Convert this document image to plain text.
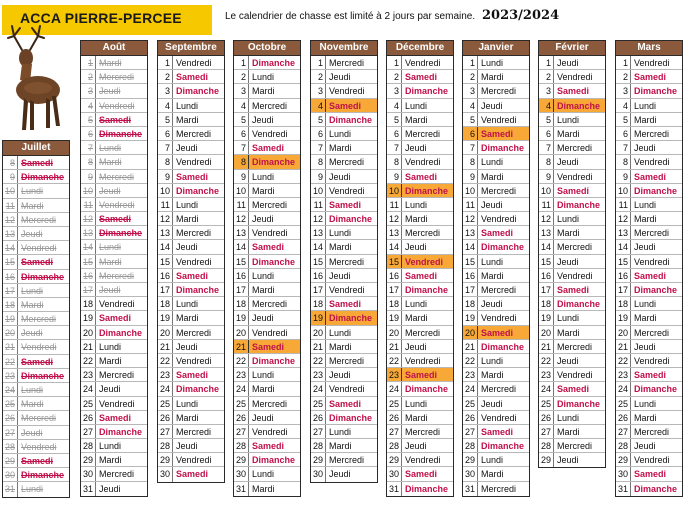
ACCA PIERRE-PERCEE	Le calendrier de chasse est limité à 2 jours par semaine. 2023/2024
Juillet
8 Samedi
9 Dimanche
10 Lundi
11 Mardi
12 Mercredi
13 Jeudi
14 Vendredi
15 Samedi
16 Dimanche
17 Lundi
18 Mardi
19 Mercredi
20 Jeudi
21 Vendredi
22 Samedi
23 Dimanche
24 Lundi
25 Mardi
26 Mercredi
27 Jeudi
28 Vendredi
29 Samedi
30 Dimanche
31 Lundi
Août
1 Mardi
2 Mercredi
3 Jeudi
4 Vendredi
5 Samedi
6 Dimanche
7 Lundi
8 Mardi
9 Mercredi
10 Jeudi
11 Vendredi
12 Samedi
13 Dimanche
14 Lundi
15 Mardi
16 Mercredi
17 Jeudi
18 Vendredi
19 Samedi
20 Dimanche
21 Lundi
22 Mardi
23 Mercredi
24 Jeudi
25 Vendredi
26 Samedi
27 Dimanche
28 Lundi
29 Mardi
30 Mercredi
31 Jeudi
Septembre
1 Vendredi
2 Samedi
3 Dimanche
4 Lundi
5 Mardi
6 Mercredi
7 Jeudi
8 Vendredi
9 Samedi
10 Dimanche
11 Lundi
12 Mardi
13 Mercredi
14 Jeudi
15 Vendredi
16 Samedi
17 Dimanche
18 Lundi
19 Mardi
20 Mercredi
21 Jeudi
22 Vendredi
23 Samedi
24 Dimanche
25 Lundi
26 Mardi
27 Mercredi
28 Jeudi
29 Vendredi
30 Samedi
Octobre
1 Dimanche
2 Lundi
3 Mardi
4 Mercredi
5 Jeudi
6 Vendredi
7 Samedi
8 Dimanche
9 Lundi
10 Mardi
11 Mercredi
12 Jeudi
13 Vendredi
14 Samedi
15 Dimanche
16 Lundi
17 Mardi
18 Mercredi
19 Jeudi
20 Vendredi
21 Samedi
22 Dimanche
23 Lundi
24 Mardi
25 Mercredi
26 Jeudi
27 Vendredi
28 Samedi
29 Dimanche
30 Lundi
31 Mardi
Novembre
1 Mercredi
2 Jeudi
3 Vendredi
4 Samedi
5 Dimanche
6 Lundi
7 Mardi
8 Mercredi
9 Jeudi
10 Vendredi
11 Samedi
12 Dimanche
13 Lundi
14 Mardi
15 Mercredi
16 Jeudi
17 Vendredi
18 Samedi
19 Dimanche
20 Lundi
21 Mardi
22 Mercredi
23 Jeudi
24 Vendredi
25 Samedi
26 Dimanche
27 Lundi
28 Mardi
29 Mercredi
30 Jeudi
Décembre
1 Vendredi
2 Samedi
3 Dimanche
4 Lundi
5 Mardi
6 Mercredi
7 Jeudi
8 Vendredi
9 Samedi
10 Dimanche
11 Lundi
12 Mardi
13 Mercredi
14 Jeudi
15 Vendredi
16 Samedi
17 Dimanche
18 Lundi
19 Mardi
20 Mercredi
21 Jeudi
22 Vendredi
23 Samedi
24 Dimanche
25 Lundi
26 Mardi
27 Mercredi
28 Jeudi
29 Vendredi
30 Samedi
31 Dimanche
Janvier
1 Lundi
2 Mardi
3 Mercredi
4 Jeudi
5 Vendredi
6 Samedi
7 Dimanche
8 Lundi
9 Mardi
10 Mercredi
11 Jeudi
12 Vendredi
13 Samedi
14 Dimanche
15 Lundi
16 Mardi
17 Mercredi
18 Jeudi
19 Vendredi
20 Samedi
21 Dimanche
22 Lundi
23 Mardi
24 Mercredi
25 Jeudi
26 Vendredi
27 Samedi
28 Dimanche
29 Lundi
30 Mardi
31 Mercredi
Février
1 Jeudi
2 Vendredi
3 Samedi
4 Dimanche
5 Lundi
6 Mardi
7 Mercredi
8 Jeudi
9 Vendredi
10 Samedi
11 Dimanche
12 Lundi
13 Mardi
14 Mercredi
15 Jeudi
16 Vendredi
17 Samedi
18 Dimanche
19 Lundi
20 Mardi
21 Mercredi
22 Jeudi
23 Vendredi
24 Samedi
25 Dimanche
26 Lundi
27 Mardi
28 Mercredi
29 Jeudi
Mars
1 Vendredi
2 Samedi
3 Dimanche
4 Lundi
5 Mardi
6 Mercredi
7 Jeudi
8 Vendredi
9 Samedi
10 Dimanche
11 Lundi
12 Mardi
13 Mercredi
14 Jeudi
15 Vendredi
16 Samedi
17 Dimanche
18 Lundi
19 Mardi
20 Mercredi
21 Jeudi
22 Vendredi
23 Samedi
24 Dimanche
25 Lundi
26 Mardi
27 Mercredi
28 Jeudi
29 Vendredi
30 Samedi
31 Dimanche
